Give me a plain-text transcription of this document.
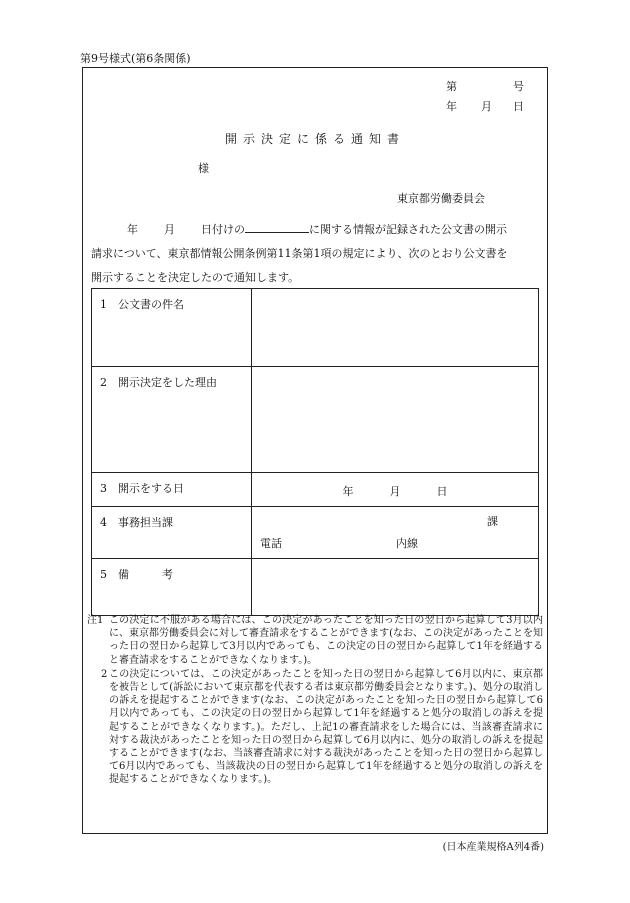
第9号様式(第6条関係)
第	号
年 月 日
開示決定に係る通知書
様
東京都労働委員会
年 月 日付けの	に関する情報が記録された公文書の開示
請求について、東京都情報公開条例第11条第1項の規定により、次のとおり公文書を
開示することを決定したので通知します。
1 公文書の件名	
2 開示決定をした理由	
3 開示をする日	年 月 日
4 事務担当課	課
電話 内線

5 備　　　考	

注1 この決定に不服がある場合には、この決定があったことを知った日の翌日から起算して3月以内に、東京都労働委員会に対して審査請求をすることができます(なお、この決定があったことを知った日の翌日から起算して3月以内であっても、この決定の日の翌日から起算して1年を経過すると審査請求をすることができなくなります。)。

2 この決定については、この決定があったことを知った日の翌日から起算して6月以内に、東京都を被告として(訴訟において東京都を代表する者は東京都労働委員会となります。)、処分の取消しの訴えを提起することができます(なお、この決定があったことを知った日の翌日から起算して6月以内であっても、この決定の日の翌日から起算して1年を経過すると処分の取消しの訴えを提起することができなくなります。)。ただし、上記1の審査請求をした場合には、当該審査請求に対する裁決があったことを知った日の翌日から起算して6月以内に、処分の取消しの訴えを提起することができます(なお、当該審査請求に対する裁決があったことを知った日の翌日から起算して6月以内であっても、当該裁決の日の翌日から起算して1年を経過すると処分の取消しの訴えを提起することができなくなります。)。

(日本産業規格A列4番)
